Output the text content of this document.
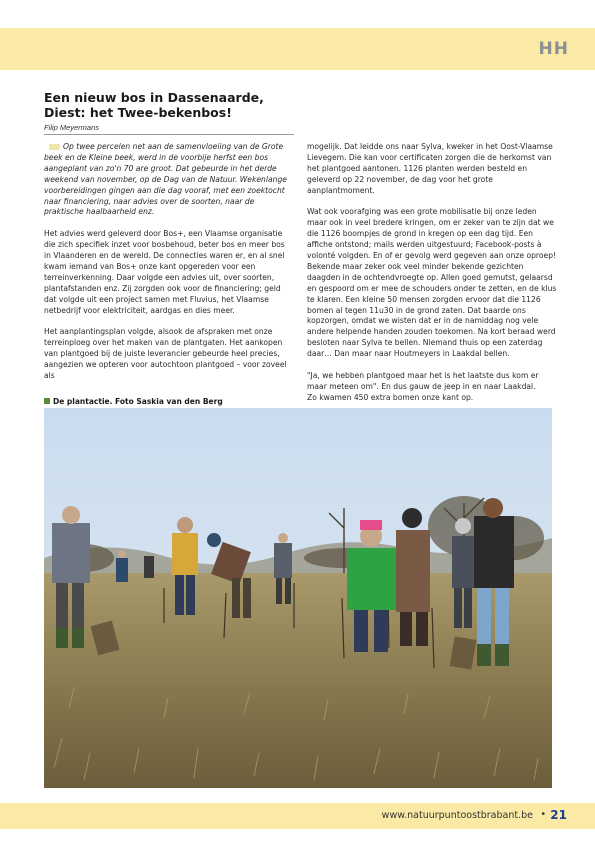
HH
Een nieuw bos in Dassenaarde, Diest: het Twee-bekenbos!
Filip Meyermans

Op twee percelen net aan de samenvloeiing van de Grote beek en de Kleine beek, werd in de voorbije herfst een bos aangeplant van zo'n 70 are groot. Dat gebeurde in het derde weekend van november, op de Dag van de Natuur. Wekenlange voorbereidingen gingen aan die dag vooraf, met een zoektocht naar financiering, naar advies over de soorten, naar de praktische haalbaarheid enz.

Het advies werd geleverd door Bos+, een Vlaamse organisatie die zich specifiek inzet voor bosbehoud, beter bos en meer bos in Vlaanderen en de wereld. De connecties waren er, en al snel kwam iemand van Bos+ onze kant opgereden voor een terreinverkenning. Daar volgde een advies uit, over soorten, plantafstanden enz. Zij zorgden ook voor de financiering; geld dat volgde uit een project samen met Fluvius, het Vlaamse netbedrijf voor elektriciteit, aardgas en dies meer.

Het aanplantingsplan volgde, alsook de afspraken met onze terreinploeg over het maken van de plantgaten. Het aankopen van plantgoed bij de juiste leverancier gebeurde heel precies, aangezien we opteren voor autochtoon plantgoed – voor zoveel als

mogelijk. Dat leidde ons naar Sylva, kweker in het Oost-Vlaamse Lievegem. Die kan voor certificaten zorgen die de herkomst van het plantgoed aantonen. 1126 planten werden besteld en geleverd op 22 november, de dag voor het grote aanplantmoment.

Wat ook voorafging was een grote mobilisatie bij onze leden maar ook in veel bredere kringen, om er zeker van te zijn dat we die 1126 boompjes de grond in kregen op een dag tijd. Een affiche ontstond; mails werden uitgestuurd; Facebook-posts à volonté volgden. En of er gevolg werd gegeven aan onze oproep! Bekende maar zeker ook veel minder bekende gezichten daagden in de ochtendvroegte op. Allen goed gemutst, gelaarsd en gespoord om er mee de schouders onder te zetten, en de klus te klaren. Een kleine 50 mensen zorgden ervoor dat die 1126 bomen al tegen 11u30 in de grond zaten. Dat baarde ons kopzorgen, omdat we wisten dat er in de namiddag nog vele andere helpende handen zouden toekomen. Na kort beraad werd besloten naar Sylva te bellen. Niemand thuis op een zaterdag daar… Dan maar naar Houtmeyers in Laakdal bellen.

"Ja, we hebben plantgoed maar het is het laatste dus kom er maar meteen om". En dus gauw de jeep in en naar Laakdal.

Zo kwamen 450 extra bomen onze kant op.

De plantactie. Foto Saskia van den Berg
www.natuurpuntoostbrabant.be • 21
